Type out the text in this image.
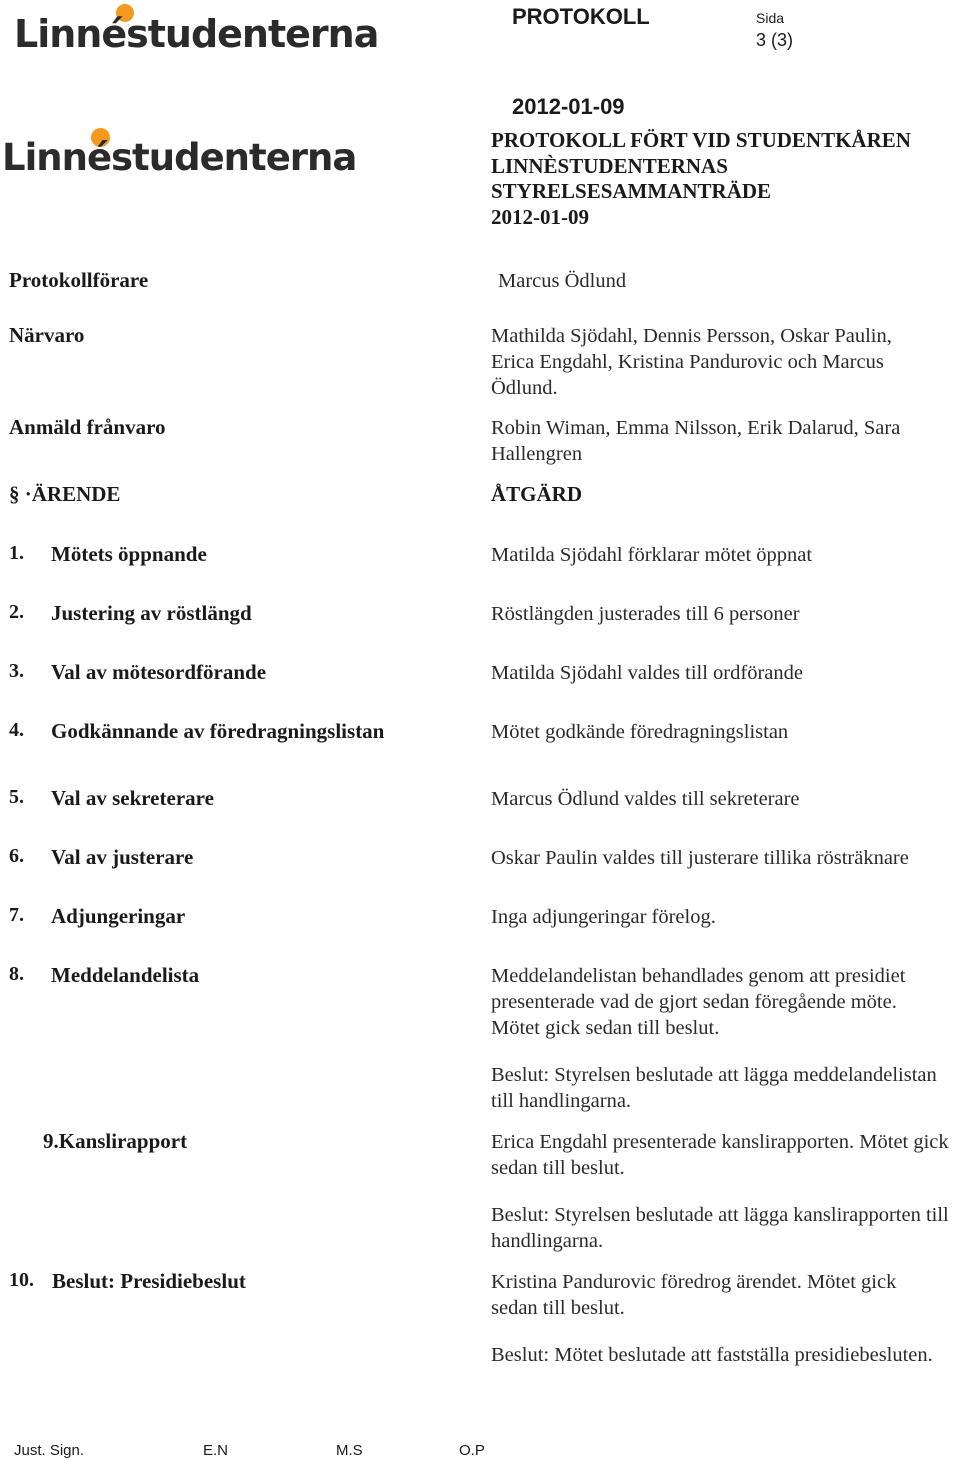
Linnéstudenterna	PROTOKOLL	Sida
3 (3)
2012-01-09
Linnéstudenterna	PROTOKOLL FÖRT VID STUDENTKÅREN
LINNÈSTUDENTERNAS
STYRELSESAMMANTRÄDE
2012-01-09
Protokollförare	Marcus Ödlund
Närvaro	Mathilda Sjödahl, Dennis Persson, Oskar Paulin, Erica Engdahl, Kristina Pandurovic och Marcus Ödlund.
Anmäld frånvaro	Robin Wiman, Emma Nilsson, Erik Dalarud, Sara Hallengren
§ ·ÄRENDE	ÅTGÄRD
1. Mötets öppnande	Matilda Sjödahl förklarar mötet öppnat
2. Justering av röstlängd	Röstlängden justerades till 6 personer
3. Val av mötesordförande	Matilda Sjödahl valdes till ordförande
4. Godkännande av föredragningslistan	Mötet godkände föredragningslistan
5. Val av sekreterare	Marcus Ödlund valdes till sekreterare
6. Val av justerare	Oskar Paulin valdes till justerare tillika rösträknare
7. Adjungeringar	Inga adjungeringar förelog.
8. Meddelandelista	Meddelandelistan behandlades genom att presidiet presenterade vad de gjort sedan föregående möte. Mötet gick sedan till beslut.
Beslut: Styrelsen beslutade att lägga meddelandelistan till handlingarna.
9.Kanslirapport	Erica Engdahl presenterade kanslirapporten. Mötet gick sedan till beslut.
Beslut: Styrelsen beslutade att lägga kanslirapporten till handlingarna.
10. Beslut: Presidiebeslut	Kristina Pandurovic föredrog ärendet. Mötet gick sedan till beslut.
Beslut: Mötet beslutade att fastställa presidiebesluten.
Just. Sign.	E.N	M.S	O.P
